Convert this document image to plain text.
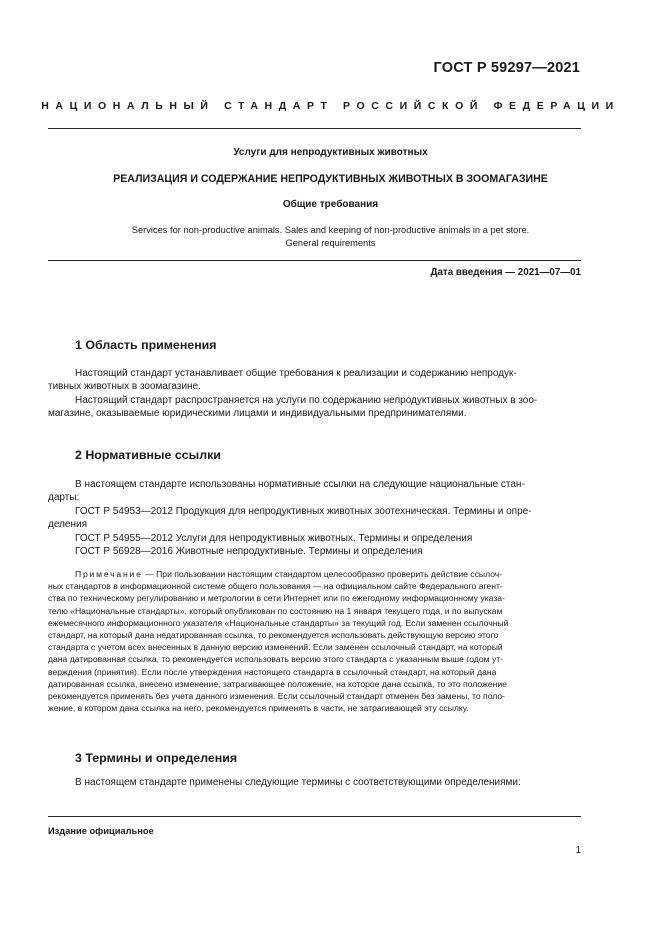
ГОСТ Р 59297—2021
НАЦИОНАЛЬНЫЙ СТАНДАРТ РОССИЙСКОЙ ФЕДЕРАЦИИ
Услуги для непродуктивных животных
РЕАЛИЗАЦИЯ И СОДЕРЖАНИЕ НЕПРОДУКТИВНЫХ ЖИВОТНЫХ В ЗООМАГАЗИНЕ
Общие требования
Services for non-productive animals. Sales and keeping of non-productive animals in a pet store.
General requirements
Дата введения — 2021—07—01
1 Область применения
Настоящий стандарт устанавливает общие требования к реализации и содержанию непродук-
тивных животных в зоомагазине.
Настоящий стандарт распространяется на услуги по содержанию непродуктивных животных в зоо-
магазине, оказываемые юридическими лицами и индивидуальными предпринимателями.
2 Нормативные ссылки
В настоящем стандарте использованы нормативные ссылки на следующие национальные стан-
дарты:
ГОСТ Р 54953—2012 Продукция для непродуктивных животных зоотехническая. Термины и опре-
деления
ГОСТ Р 54955—2012 Услуги для непродуктивных животных. Термины и определения
ГОСТ Р 56928—2016 Животные непродуктивные. Термины и определения
Примечание — При пользовании настоящим стандартом целесообразно проверить действие ссылоч-
ных стандартов в информационной системе общего пользования — на официальном сайте Федерального агент-
ства по техническому регулированию и метрологии в сети Интернет или по ежегодному информационному указа-
телю «Национальные стандарты», который опубликован по состоянию на 1 января текущего года, и по выпускам
ежемесячного информационного указателя «Национальные стандарты» за текущий год. Если заменен ссылочный
стандарт, на который дана недатированная ссылка, то рекомендуется использовать действующую версию этого
стандарта с учетом всех внесенных в данную версию изменений. Если заменен ссылочный стандарт, на который
дана датированная ссылка, то рекомендуется использовать версию этого стандарта с указанным выше годом ут-
верждения (принятия). Если после утверждения настоящего стандарта в ссылочный стандарт, на который дана
датированная ссылка, внесено изменение, затрагивающее положение, на которое дана ссылка, то это положение
рекомендуется применять без учета данного изменения. Если ссылочный стандарт отменен без замены, то поло-
жение, в котором дана ссылка на него, рекомендуется применять в части, не затрагивающей эту ссылку.
3 Термины и определения
В настоящем стандарте применены следующие термины с соответствующими определениями:
Издание официальное
1
